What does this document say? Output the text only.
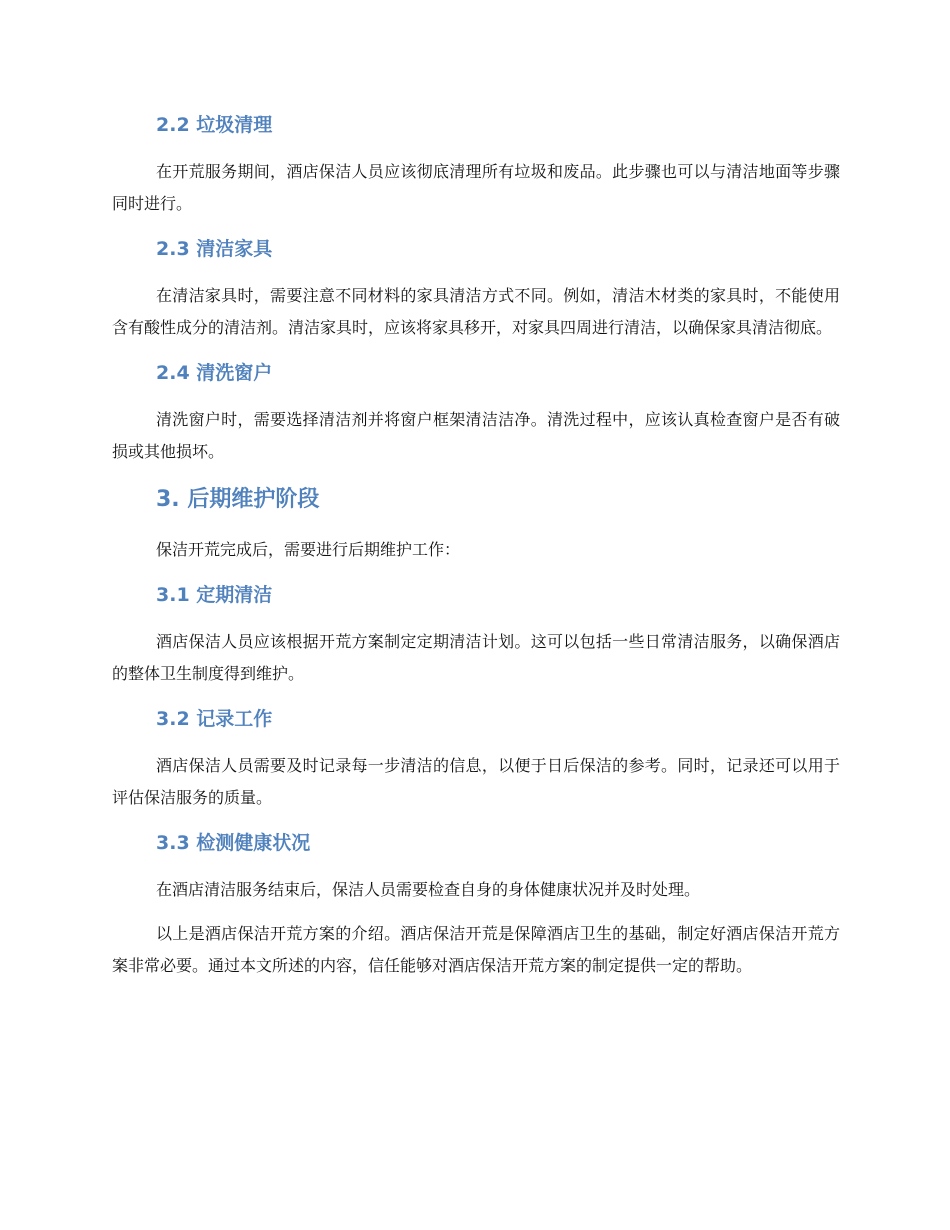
2.2 垃圾清理

在开荒服务期间，酒店保洁人员应该彻底清理所有垃圾和废品。此步骤也可以与清洁地面等步骤同时进行。

2.3 清洁家具

在清洁家具时，需要注意不同材料的家具清洁方式不同。例如，清洁木材类的家具时，不能使用含有酸性成分的清洁剂。清洁家具时，应该将家具移开，对家具四周进行清洁，以确保家具清洁彻底。

2.4 清洗窗户

清洗窗户时，需要选择清洁剂并将窗户框架清洁洁净。清洗过程中，应该认真检查窗户是否有破损或其他损坏。

3. 后期维护阶段

保洁开荒完成后，需要进行后期维护工作：

3.1 定期清洁

酒店保洁人员应该根据开荒方案制定定期清洁计划。这可以包括一些日常清洁服务，以确保酒店的整体卫生制度得到维护。

3.2 记录工作

酒店保洁人员需要及时记录每一步清洁的信息，以便于日后保洁的参考。同时，记录还可以用于评估保洁服务的质量。

3.3 检测健康状况

在酒店清洁服务结束后，保洁人员需要检查自身的身体健康状况并及时处理。

以上是酒店保洁开荒方案的介绍。酒店保洁开荒是保障酒店卫生的基础，制定好酒店保洁开荒方案非常必要。通过本文所述的内容，信任能够对酒店保洁开荒方案的制定提供一定的帮助。
